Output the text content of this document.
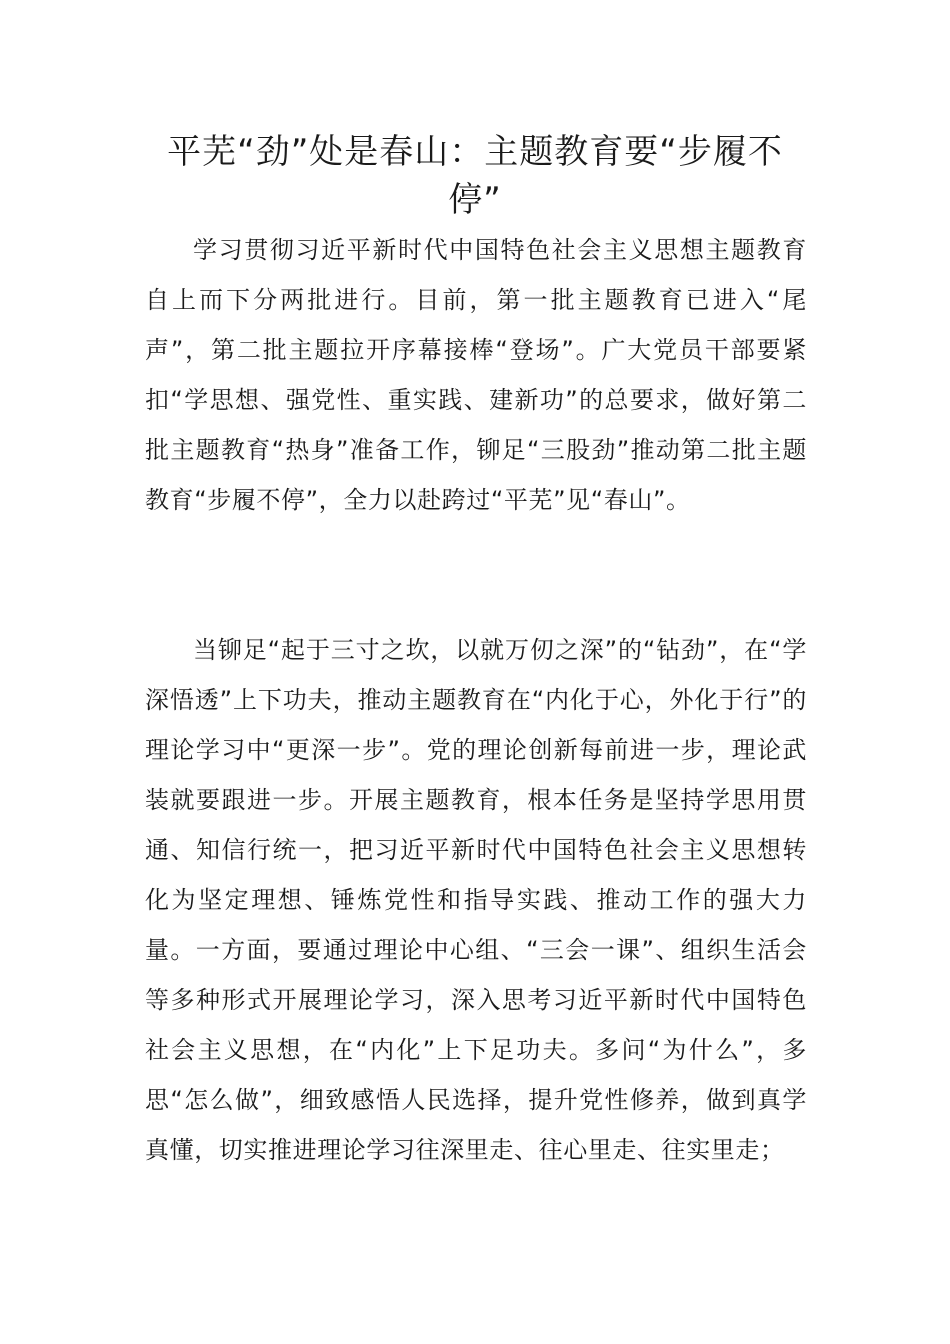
平芜“劲”处是春山：主题教育要“步履不停”

学习贯彻习近平新时代中国特色社会主义思想主题教育自上而下分两批进行。目前，第一批主题教育已进入“尾声”，第二批主题拉开序幕接棒“登场”。广大党员干部要紧扣“学思想、强党性、重实践、建新功”的总要求，做好第二批主题教育“热身”准备工作，铆足“三股劲”推动第二批主题教育“步履不停”，全力以赴跨过“平芜”见“春山”。

当铆足“起于三寸之坎，以就万仞之深”的“钻劲”，在“学深悟透”上下功夫，推动主题教育在“内化于心，外化于行”的理论学习中“更深一步”。党的理论创新每前进一步，理论武装就要跟进一步。开展主题教育，根本任务是坚持学思用贯通、知信行统一，把习近平新时代中国特色社会主义思想转化为坚定理想、锤炼党性和指导实践、推动工作的强大力量。一方面，要通过理论中心组、“三会一课”、组织生活会等多种形式开展理论学习，深入思考习近平新时代中国特色社会主义思想，在“内化”上下足功夫。多问“为什么”，多思“怎么做”，细致感悟人民选择，提升党性修养，做到真学真懂，切实推进理论学习往深里走、往心里走、往实里走；
